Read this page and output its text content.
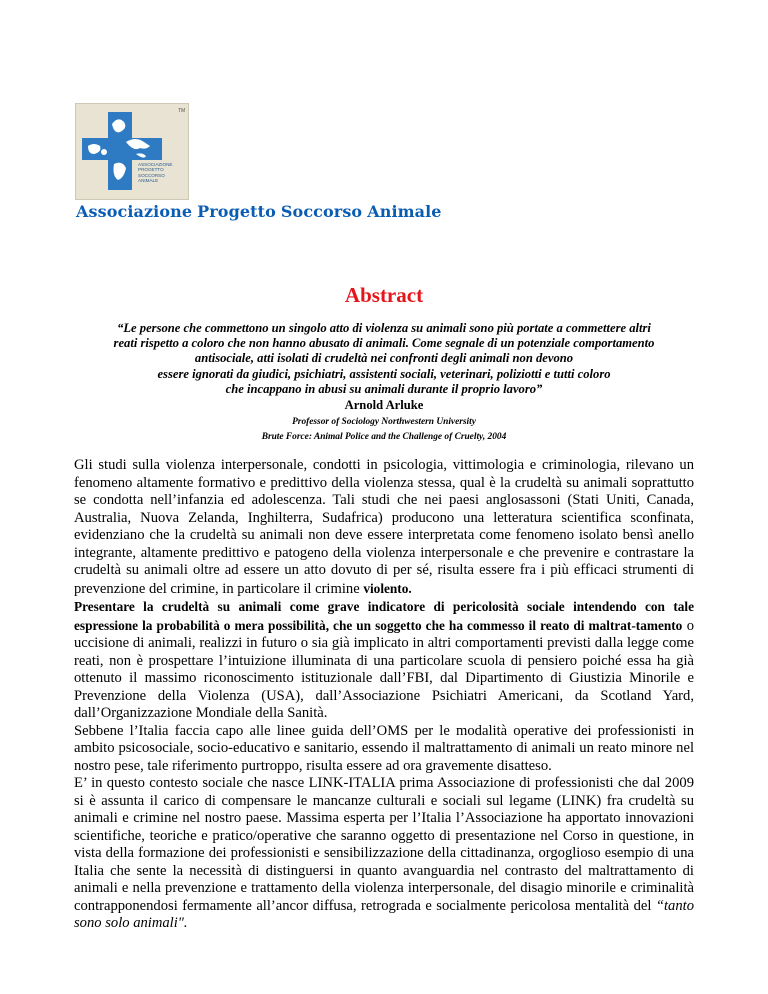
TM
ASSOCIAZIONE
PROGETTO
SOCCORSO
ANIMALE
Associazione Progetto Soccorso Animale
Abstract
“Le persone che commettono un singolo atto di violenza su animali sono più portate a commettere altri
reati rispetto a coloro che non hanno abusato di animali. Come segnale di un potenziale comportamento
antisociale, atti isolati di crudeltà nei confronti degli animali non devono
essere ignorati da giudici, psichiatri, assistenti sociali, veterinari, poliziotti e tutti coloro
che incappano in abusi su animali durante il proprio lavoro”

Arnold Arluke

Professor of Sociology Northwestern University

Brute Force: Animal Police and the Challenge of Cruelty, 2004

Gli studi sulla violenza interpersonale, condotti in psicologia, vittimologia e criminologia, rilevano un fenomeno altamente formativo e predittivo della violenza stessa, qual è la crudeltà su animali soprattutto se condotta nell’infanzia ed adolescenza. Tali studi che nei paesi anglosassoni (Stati Uniti, Canada, Australia, Nuova Zelanda, Inghilterra, Sudafrica) producono una letteratura scientifica sconfinata, evidenziano che la crudeltà su animali non deve essere interpretata come fenomeno isolato bensì anello integrante, altamente predittivo e patogeno della violenza interpersonale e che prevenire e contrastare la crudeltà su animali oltre ad essere un atto dovuto di per sé, risulta essere fra i più efficaci strumenti di prevenzione del crimine, in particolare il crimine violento.

Presentare la crudeltà su animali come grave indicatore di pericolosità sociale intendendo con tale espressione la probabilità o mera possibilità, che un soggetto che ha commesso il reato di maltrat-tamento o uccisione di animali, realizzi in futuro o sia già implicato in altri comportamenti previsti dalla legge come reati, non è prospettare l’intuizione illuminata di una particolare scuola di pensiero poiché essa ha già ottenuto il massimo riconoscimento istituzionale dall’FBI, dal Dipartimento di Giustizia Minorile e Prevenzione della Violenza (USA), dall’Associazione Psichiatri Americani, da Scotland Yard, dall’Organizzazione Mondiale della Sanità.

Sebbene l’Italia faccia capo alle linee guida dell’OMS per le modalità operative dei professionisti in ambito psicosociale, socio-educativo e sanitario, essendo il maltrattamento di animali un reato minore nel nostro pese, tale riferimento purtroppo, risulta essere ad ora gravemente disatteso.

E’ in questo contesto sociale che nasce LINK-ITALIA prima Associazione di professionisti che dal 2009 si è assunta il carico di compensare le mancanze culturali e sociali sul legame (LINK) fra crudeltà su animali e crimine nel nostro paese. Massima esperta per l’Italia l’Associazione ha apportato innovazioni scientifiche, teoriche e pratico/operative che saranno oggetto di presentazione nel Corso in questione, in vista della formazione dei professionisti e sensibilizzazione della cittadinanza, orgoglioso esempio di una Italia che sente la necessità di distinguersi in quanto avanguardia nel contrasto del maltrattamento di animali e nella prevenzione e trattamento della violenza interpersonale, del disagio minorile e criminalità contrapponendosi fermamente all’ancor diffusa, retrograda e socialmente pericolosa mentalità del “tanto sono solo animali".
